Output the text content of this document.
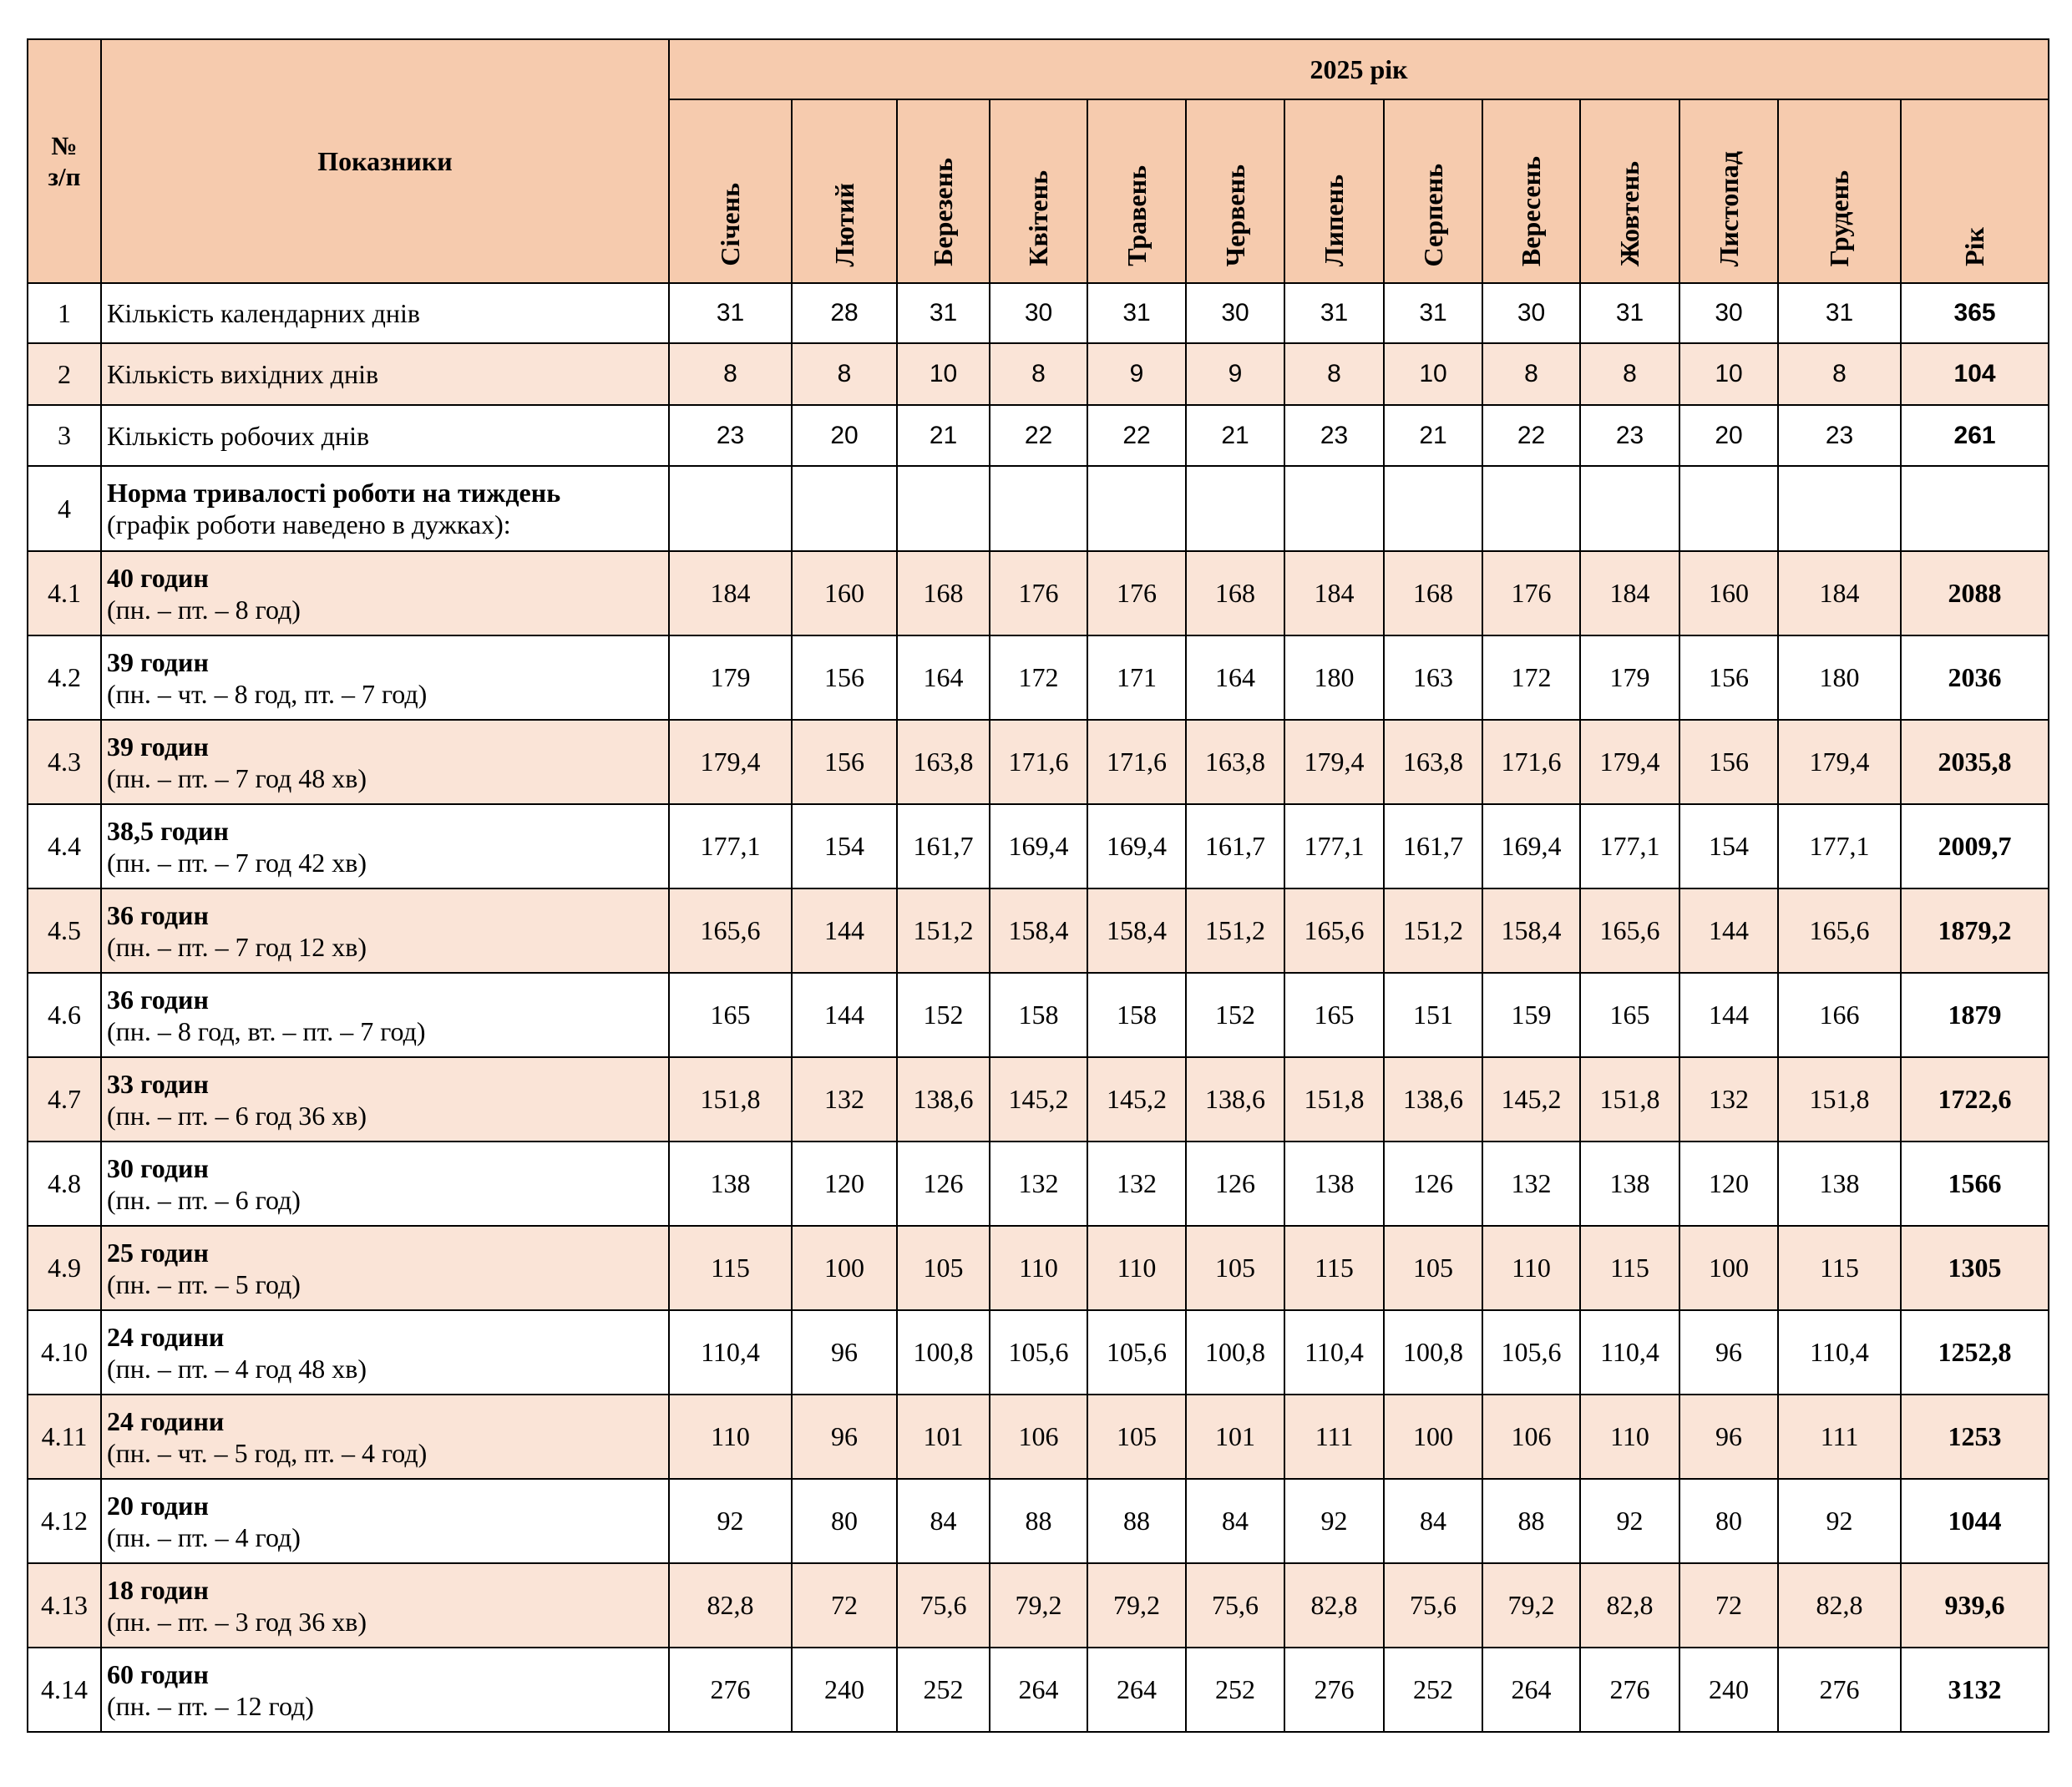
№
з/п	Показники	2025 рік												
		Січень	Лютий	Березень	Квітень	Травень	Червень	Липень	Серпень	Вересень	Жовтень	Листопад	Грудень	Рік
1	Кількість календарних днів	31	28	31	30	31	30	31	31	30	31	30	31	365
2	Кількість вихідних днів	8	8	10	8	9	9	8	10	8	8	10	8	104
3	Кількість робочих днів	23	20	21	22	22	21	23	21	22	23	20	23	261
4	Норма тривалості роботи на тиждень
(графік роботи наведено в дужках):													

4.1	40 годин
(пн. – пт. – 8 год)	184	160	168	176	176	168	184	168	176	184	160	184	2088
4.2	39 годин
(пн. – чт. – 8 год, пт. – 7 год)	179	156	164	172	171	164	180	163	172	179	156	180	2036
4.3	39 годин
(пн. – пт. – 7 год 48 хв)	179,4	156	163,8	171,6	171,6	163,8	179,4	163,8	171,6	179,4	156	179,4	2035,8
4.4	38,5 годин
(пн. – пт. – 7 год 42 хв)	177,1	154	161,7	169,4	169,4	161,7	177,1	161,7	169,4	177,1	154	177,1	2009,7
4.5	36 годин
(пн. – пт. – 7 год 12 хв)	165,6	144	151,2	158,4	158,4	151,2	165,6	151,2	158,4	165,6	144	165,6	1879,2
4.6	36 годин
(пн. – 8 год, вт. – пт. – 7 год)	165	144	152	158	158	152	165	151	159	165	144	166	1879
4.7	33 годин
(пн. – пт. – 6 год 36 хв)	151,8	132	138,6	145,2	145,2	138,6	151,8	138,6	145,2	151,8	132	151,8	1722,6
4.8	30 годин
(пн. – пт. – 6 год)	138	120	126	132	132	126	138	126	132	138	120	138	1566
4.9	25 годин
(пн. – пт. – 5 год)	115	100	105	110	110	105	115	105	110	115	100	115	1305
4.10	24 години
(пн. – пт. – 4 год 48 хв)	110,4	96	100,8	105,6	105,6	100,8	110,4	100,8	105,6	110,4	96	110,4	1252,8
4.11	24 години
(пн. – чт. – 5 год, пт. – 4 год)	110	96	101	106	105	101	111	100	106	110	96	111	1253
4.12	20 годин
(пн. – пт. – 4 год)	92	80	84	88	88	84	92	84	88	92	80	92	1044
4.13	18 годин
(пн. – пт. – 3 год 36 хв)	82,8	72	75,6	79,2	79,2	75,6	82,8	75,6	79,2	82,8	72	82,8	939,6
4.14	60 годин
(пн. – пт. – 12 год)	276	240	252	264	264	252	276	252	264	276	240	276	3132
